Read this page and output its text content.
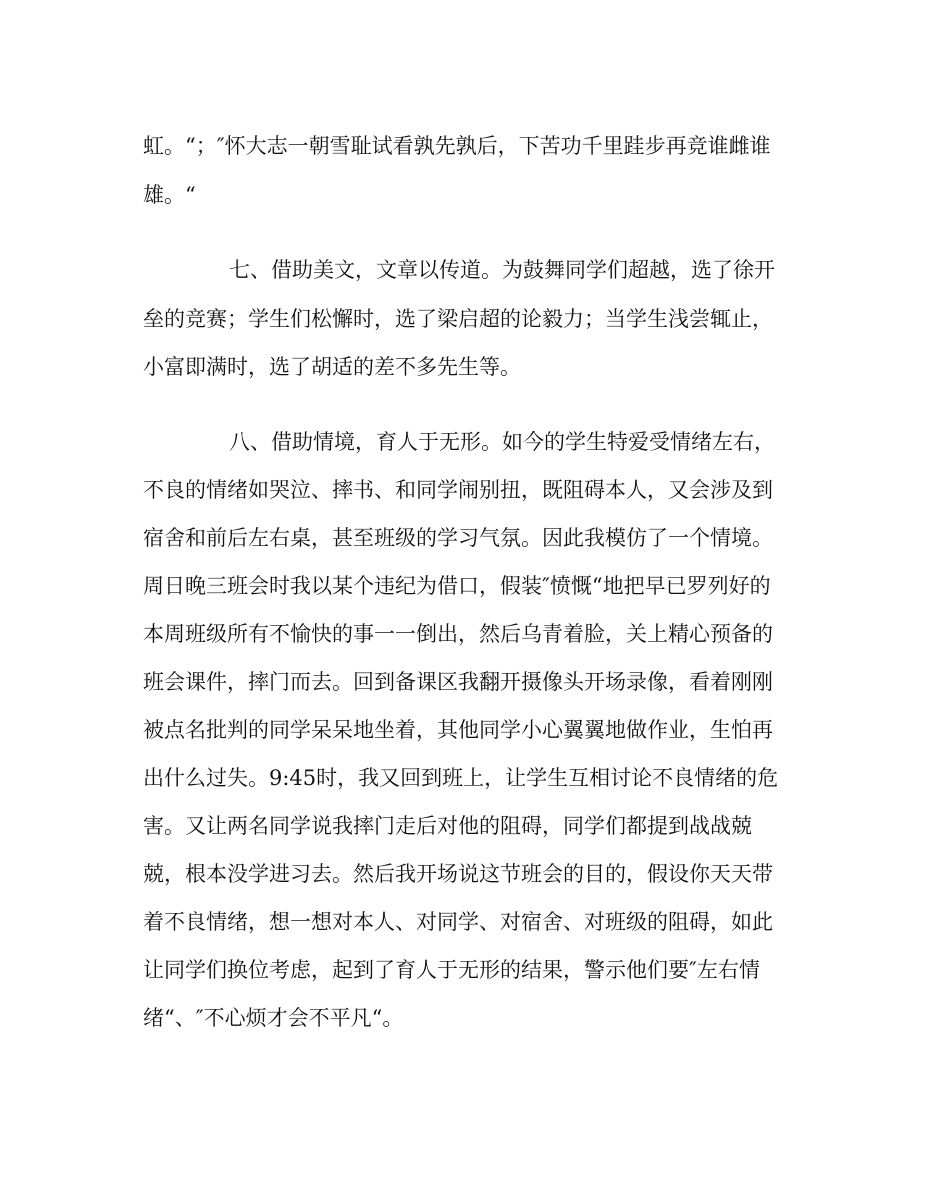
虹。“；″怀大志一朝雪耻试看孰先孰后，下苦功千里跬步再竞谁雌谁
雄。“
七、借助美文，文章以传道。为鼓舞同学们超越，选了徐开
垒的竞赛；学生们松懈时，选了梁启超的论毅力；当学生浅尝辄止，
小富即满时，选了胡适的差不多先生等。
八、借助情境，育人于无形。如今的学生特爱受情绪左右，
不良的情绪如哭泣、摔书、和同学闹别扭，既阻碍本人，又会涉及到
宿舍和前后左右桌，甚至班级的学习气氛。因此我模仿了一个情境。
周日晚三班会时我以某个违纪为借口，假装″愤慨“地把早已罗列好的
本周班级所有不愉快的事一一倒出，然后乌青着脸，关上精心预备的
班会课件，摔门而去。回到备课区我翻开摄像头开场录像，看着刚刚
被点名批判的同学呆呆地坐着，其他同学小心翼翼地做作业，生怕再
出什么过失。9:45时，我又回到班上，让学生互相讨论不良情绪的危
害。又让两名同学说我摔门走后对他的阻碍，同学们都提到战战兢
兢，根本没学进习去。然后我开场说这节班会的目的，假设你天天带
着不良情绪，想一想对本人、对同学、对宿舍、对班级的阻碍，如此
让同学们换位考虑，起到了育人于无形的结果，警示他们要″左右情
绪“、″不心烦才会不平凡“。
